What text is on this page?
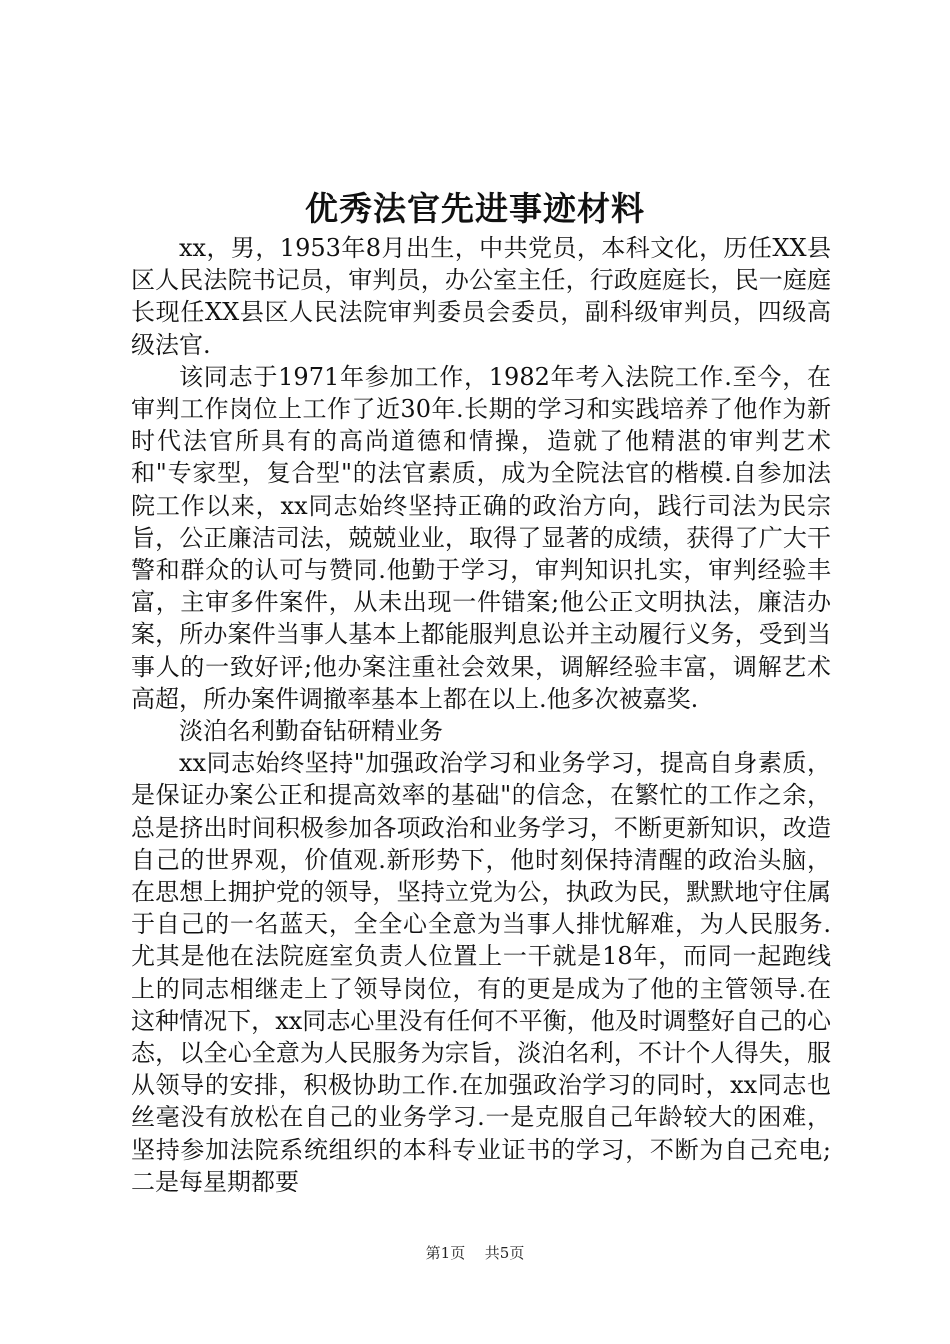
优秀法官先进事迹材料

xx，男，1953年8月出生，中共党员，本科文化，历任XX县区人民法院书记员，审判员，办公室主任，行政庭庭长，民一庭庭长现任XX县区人民法院审判委员会委员，副科级审判员，四级高级法官.

该同志于1971年参加工作，1982年考入法院工作.至今，在审判工作岗位上工作了近30年.长期的学习和实践培养了他作为新时代法官所具有的高尚道德和情操，造就了他精湛的审判艺术和"专家型，复合型"的法官素质，成为全院法官的楷模.自参加法院工作以来，xx同志始终坚持正确的政治方向，践行司法为民宗旨，公正廉洁司法，兢兢业业，取得了显著的成绩，获得了广大干警和群众的认可与赞同.他勤于学习，审判知识扎实，审判经验丰富，主审多件案件，从未出现一件错案;他公正文明执法，廉洁办案，所办案件当事人基本上都能服判息讼并主动履行义务，受到当事人的一致好评;他办案注重社会效果，调解经验丰富，调解艺术高超，所办案件调撤率基本上都在以上.他多次被嘉奖.

淡泊名利勤奋钻研精业务

xx同志始终坚持"加强政治学习和业务学习，提高自身素质，是保证办案公正和提高效率的基础"的信念，在繁忙的工作之余，总是挤出时间积极参加各项政治和业务学习，不断更新知识，改造自己的世界观，价值观.新形势下，他时刻保持清醒的政治头脑，在思想上拥护党的领导，坚持立党为公，执政为民，默默地守住属于自己的一名蓝天，全全心全意为当事人排忧解难，为人民服务.尤其是他在法院庭室负责人位置上一干就是18年，而同一起跑线上的同志相继走上了领导岗位，有的更是成为了他的主管领导.在这种情况下，xx同志心里没有任何不平衡，他及时调整好自己的心态，以全心全意为人民服务为宗旨，淡泊名利，不计个人得失，服从领导的安排，积极协助工作.在加强政治学习的同时，xx同志也丝毫没有放松在自己的业务学习.一是克服自己年龄较大的困难，坚持参加法院系统组织的本科专业证书的学习，不断为自己充电;二是每星期都要

第1页 共5页
